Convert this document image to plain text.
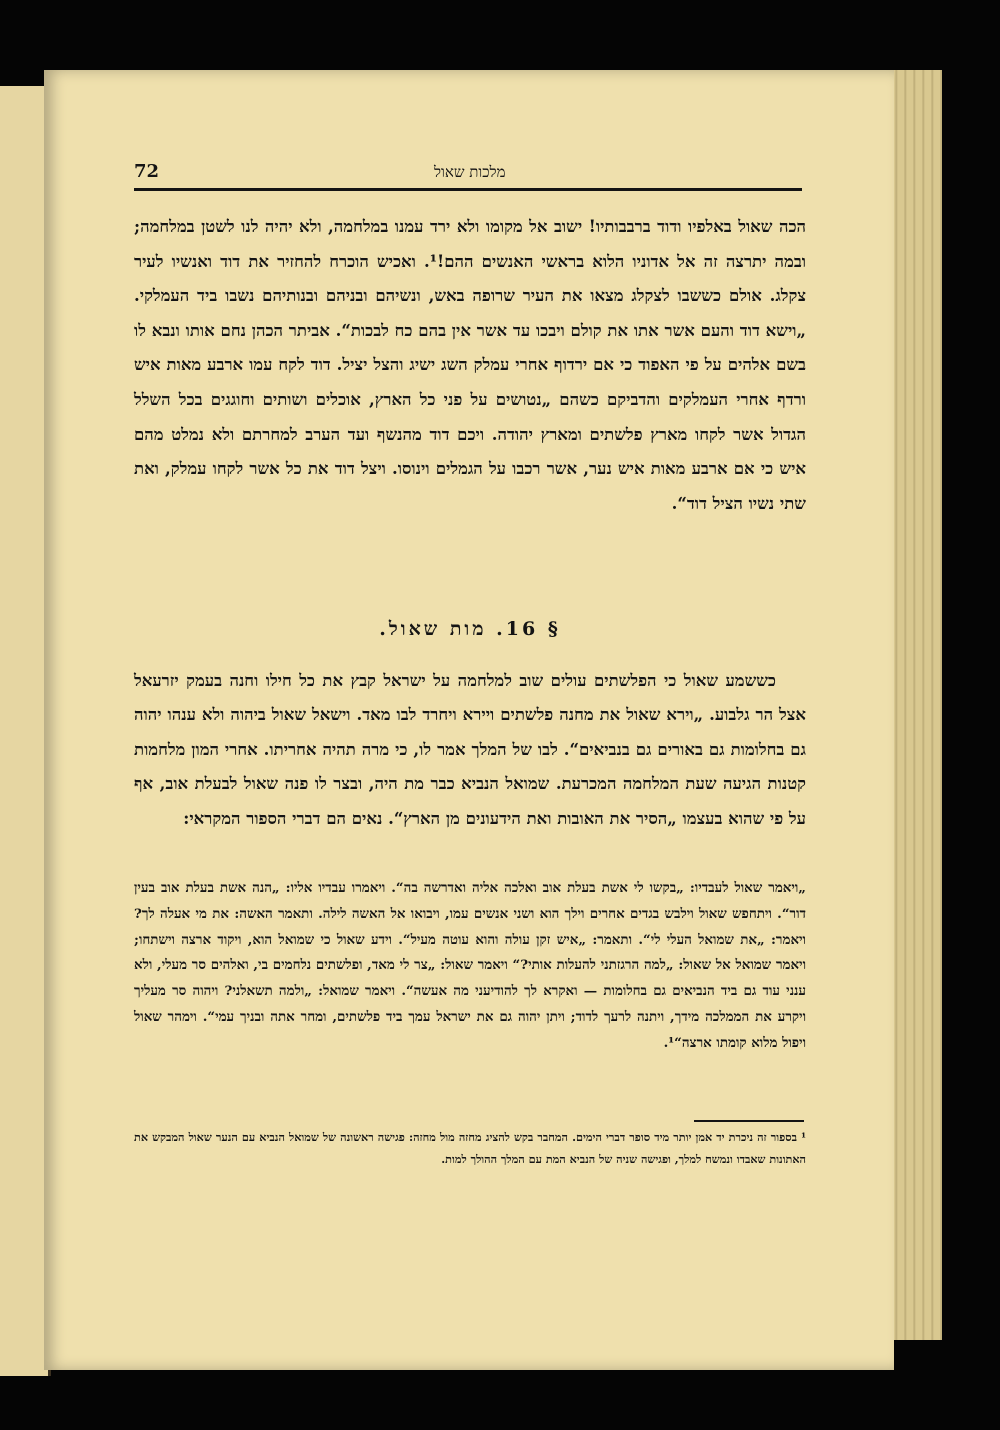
72	מלכות שאול
הכה שאול באלפיו ודוד ברבבותיו! ישוב אל מקומו ולא ירד עמנו במלחמה, ולא יהיה לנו לשטן במלחמה; ובמה יתרצה זה אל אדוניו הלוא בראשי האנשים ההם!¹. ואכיש הוכרח להחזיר את דוד ואנשיו לעיר צקלג. אולם כששבו לצקלג מצאו את העיר שרופה באש, ונשיהם ובניהם ובנותיהם נשבו ביד העמלקי. „וישא דוד והעם אשר אתו את קולם ויבכו עד אשר אין בהם כח לבכות“. אביתר הכהן נחם אותו ונבא לו בשם אלהים על פי האפוד כי אם ירדוף אחרי עמלק השג ישיג והצל יציל. דוד לקח עמו ארבע מאות איש ורדף אחרי העמלקים והדביקם כשהם „נטושים על פני כל הארץ, אוכלים ושותים וחוגגים בכל השלל הגדול אשר לקחו מארץ פלשתים ומארץ יהודה. ויכם דוד מהנשף ועד הערב למחרתם ולא נמלט מהם איש כי אם ארבע מאות איש נער, אשר רכבו על הגמלים וינוסו. ויצל דוד את כל אשר לקחו עמלק, ואת שתי נשיו הציל דוד“.
§ 16. מות שאול.
כששמע שאול כי הפלשתים עולים שוב למלחמה על ישראל קבץ את כל חילו וחנה בעמק יזרעאל אצל הר גלבוע. „וירא שאול את מחנה פלשתים ויירא ויחרד לבו מאד. וישאל שאול ביהוה ולא ענהו יהוה גם בחלומות גם באורים גם בנביאים“. לבו של המלך אמר לו, כי מרה תהיה אחריתו. אחרי המון מלחמות קטנות הגיעה שעת המלחמה המכרעת. שמואל הנביא כבר מת היה, ובצר לו פנה שאול לבעלת אוב, אף על פי שהוא בעצמו „הסיר את האובות ואת הידעונים מן הארץ“. נאים הם דברי הספור המקראי:
„ויאמר שאול לעבדיו: „בקשו לי אשת בעלת אוב ואלכה אליה ואדרשה בה“. ויאמרו עבדיו אליו: „הנה אשת בעלת אוב בעין דור“. ויתחפש שאול וילבש בגדים אחרים וילך הוא ושני אנשים עמו, ויבואו אל האשה לילה. ותאמר האשה: את מי אעלה לך? ויאמר: „את שמואל העלי לי“. ותאמר: „איש זקן עולה והוא עוטה מעיל“. וידע שאול כי שמואל הוא, ויקוד ארצה וישתחו; ויאמר שמואל אל שאול: „למה הרגזתני להעלות אותי?“ ויאמר שאול: „צר לי מאד, ופלשתים נלחמים בי, ואלהים סר מעלי, ולא ענני עוד גם ביד הנביאים גם בחלומות — ואקרא לך להודיעני מה אעשה“. ויאמר שמואל: „ולמה תשאלני? ויהוה סר מעליך ויקרע את הממלכה מידך, ויתנה לרעך לדוד; ויתן יהוה גם את ישראל עמך ביד פלשתים, ומחר אתה ובניך עמי“. וימהר שאול ויפול מלוא קומתו ארצה“¹.
¹ בספור זה ניכרת יד אמן יותר מיד סופר דברי הימים. המחבר בקש להציג מחזה מול מחזה: פגישה ראשונה של שמואל הנביא עם הנער שאול המבקש את האתונות שאבדו ונמשח למלך, ופגישה שניה של הנביא המת עם המלך ההולך למות.
